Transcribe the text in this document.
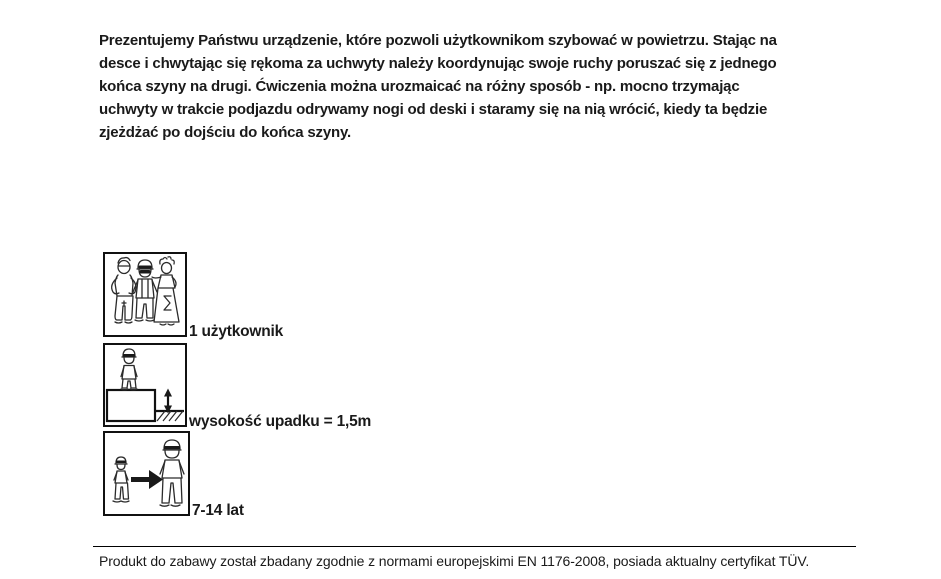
Prezentujemy Państwu urządzenie, które pozwoli użytkownikom szybować w powietrzu. Stając na
desce i chwytając się rękoma za uchwyty należy koordynując swoje ruchy poruszać się z jednego
końca szyny na drugi. Ćwiczenia można urozmaicać na różny sposób - np. mocno trzymając
uchwyty w trakcie podjazdu odrywamy nogi od deski i staramy się na nią wrócić, kiedy ta będzie
zjeżdżać po dojściu do końca szyny.
1 użytkownik
wysokość upadku = 1,5m
7-14 lat
Produkt do zabawy został zbadany zgodnie z normami europejskimi EN 1176-2008, posiada aktualny certyfikat TÜV.
